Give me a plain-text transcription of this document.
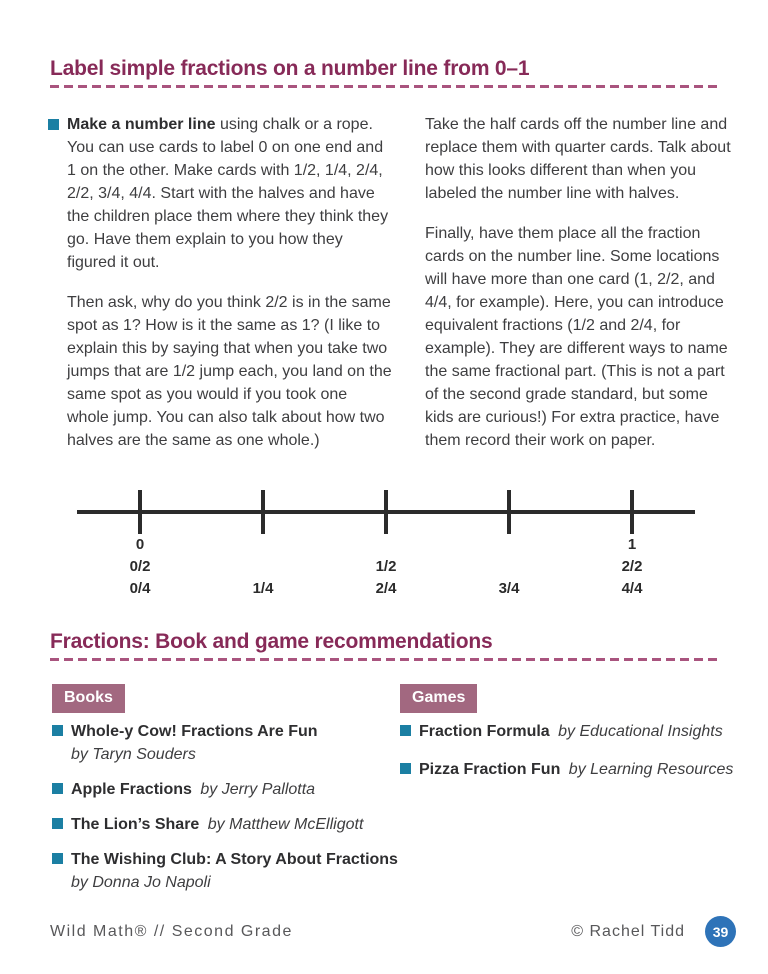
Label simple fractions on a number line from 0–1
Make a number line using chalk or a rope. You can use cards to label 0 on one end and 1 on the other. Make cards with 1/2, 1/4, 2/4, 2/2, 3/4, 4/4. Start with the halves and have the children place them where they think they go. Have them explain to you how they figured it out.
Then ask, why do you think 2/2 is in the same spot as 1? How is it the same as 1? (I like to explain this by saying that when you take two jumps that are 1/2 jump each, you land on the same spot as you would if you took one whole jump. You can also talk about how two halves are the same as one whole.)
Take the half cards off the number line and replace them with quarter cards. Talk about how this looks different than when you labeled the number line with halves.
Finally, have them place all the fraction cards on the number line. Some locations will have more than one card (1, 2/2, and 4/4, for example). Here, you can introduce equivalent fractions (1/2 and 2/4, for example). They are different ways to name the same fractional part. (This is not a part of the second grade standard, but some kids are curious!) For extra practice, have them record their work on paper.
0
0/2
0/4	1/4
1/2
2/4	3/4
1
2/2
4/4
Fractions: Book and game recommendations
Books
Whole-y Cow! Fractions Are Fun
by Taryn Souders
Apple Fractions by Jerry Pallotta
The Lion’s Share by Matthew McElligott
The Wishing Club: A Story About Fractions
by Donna Jo Napoli
Games
Fraction Formula by Educational Insights
Pizza Fraction Fun by Learning Resources
Wild Math® // Second Grade	© Rachel Tidd	39
